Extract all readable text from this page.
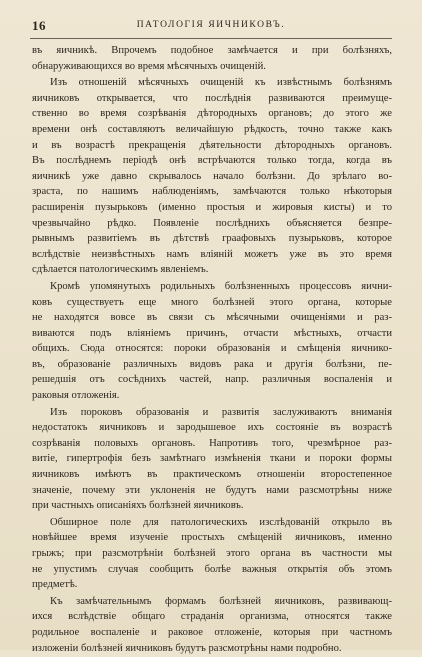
16	ПАТОЛОГІЯ ЯИЧНИКОВЪ.
въ яичникѣ. Впрочемъ подобное замѣчается и при болѣзняхъ,
обнаруживающихся во время мѣсячныхъ очищеній.
Изъ отношеній мѣсячныхъ очищеній къ извѣстнымъ болѣзнямъ
яичниковъ открывается, что послѣднія развиваются преимуще-
ственно во время созрѣванія дѣтородныхъ органовъ; до этого же
времени онѣ составляютъ величайшую рѣдкость, точно также какъ
и въ возрастѣ прекращенія дѣятельности дѣтородныхъ органовъ.
Въ послѣднемъ періодѣ онѣ встрѣчаются только тогда, когда въ
яичникѣ уже давно скрывалось начало болѣзни. До зрѣлаго во-
зраста, по нашимъ наблюденіямъ, замѣчаются только нѣкоторыя
расширенія пузырьковъ (именно простыя и жировыя кисты) и то
чрезвычайно рѣдко. Появленіе послѣднихъ объясняется безпре-
рывнымъ развитіемъ въ дѣтствѣ граафовыхъ пузырьковъ, которое
вслѣдствіе неизвѣстныхъ намъ вліяній можетъ уже въ это время
сдѣлается патологическимъ явленіемъ.
Кромѣ упомянутыхъ родильныхъ болѣзненныхъ процессовъ яични-
ковъ существуетъ еще много болѣзней этого органа, которые
не находятся вовсе въ связи съ мѣсячными очищеніями и раз-
виваются подъ вліяніемъ причинъ, отчасти мѣстныхъ, отчасти
общихъ. Сюда относятся: пороки образованія и смѣщенія яичнико-
въ, образованіе различныхъ видовъ рака и другія болѣзни, пе-
решедшія отъ сосѣднихъ частей, напр. различныя воспаленія и
раковыя отложенія.
Изъ пороковъ образованія и развитія заслуживаютъ вниманія
недостатокъ яичниковъ и зародышевое ихъ состояніе въ возрастѣ
созрѣванія половыхъ органовъ. Напротивъ того, чрезмѣрное раз-
витіе, гипертрофія безъ замѣтнаго измѣненія ткани и пороки формы
яичниковъ имѣютъ въ практическомъ отношеніи второстепенное
значеніе, почему эти уклоненія не будутъ нами разсмотрѣны ниже
при частныхъ описаніяхъ болѣзней яичниковъ.
Обширное поле для патологическихъ изслѣдованій открыло въ
новѣйшее время изученіе простыхъ смѣщеній яичниковъ, именно
грыжъ; при разсмотрѣніи болѣзней этого органа въ частности мы
не упустимъ случая сообщить болѣе важныя открытія объ этомъ
предметѣ.
Къ замѣчательнымъ формамъ болѣзней яичниковъ, развивающ-
ихся вслѣдствіе общаго страданія организма, относятся также
родильное воспаленіе и раковое отложеніе, которыя при частномъ
изложеніи болѣзней яичниковъ будутъ разсмотрѣны нами подробно.
